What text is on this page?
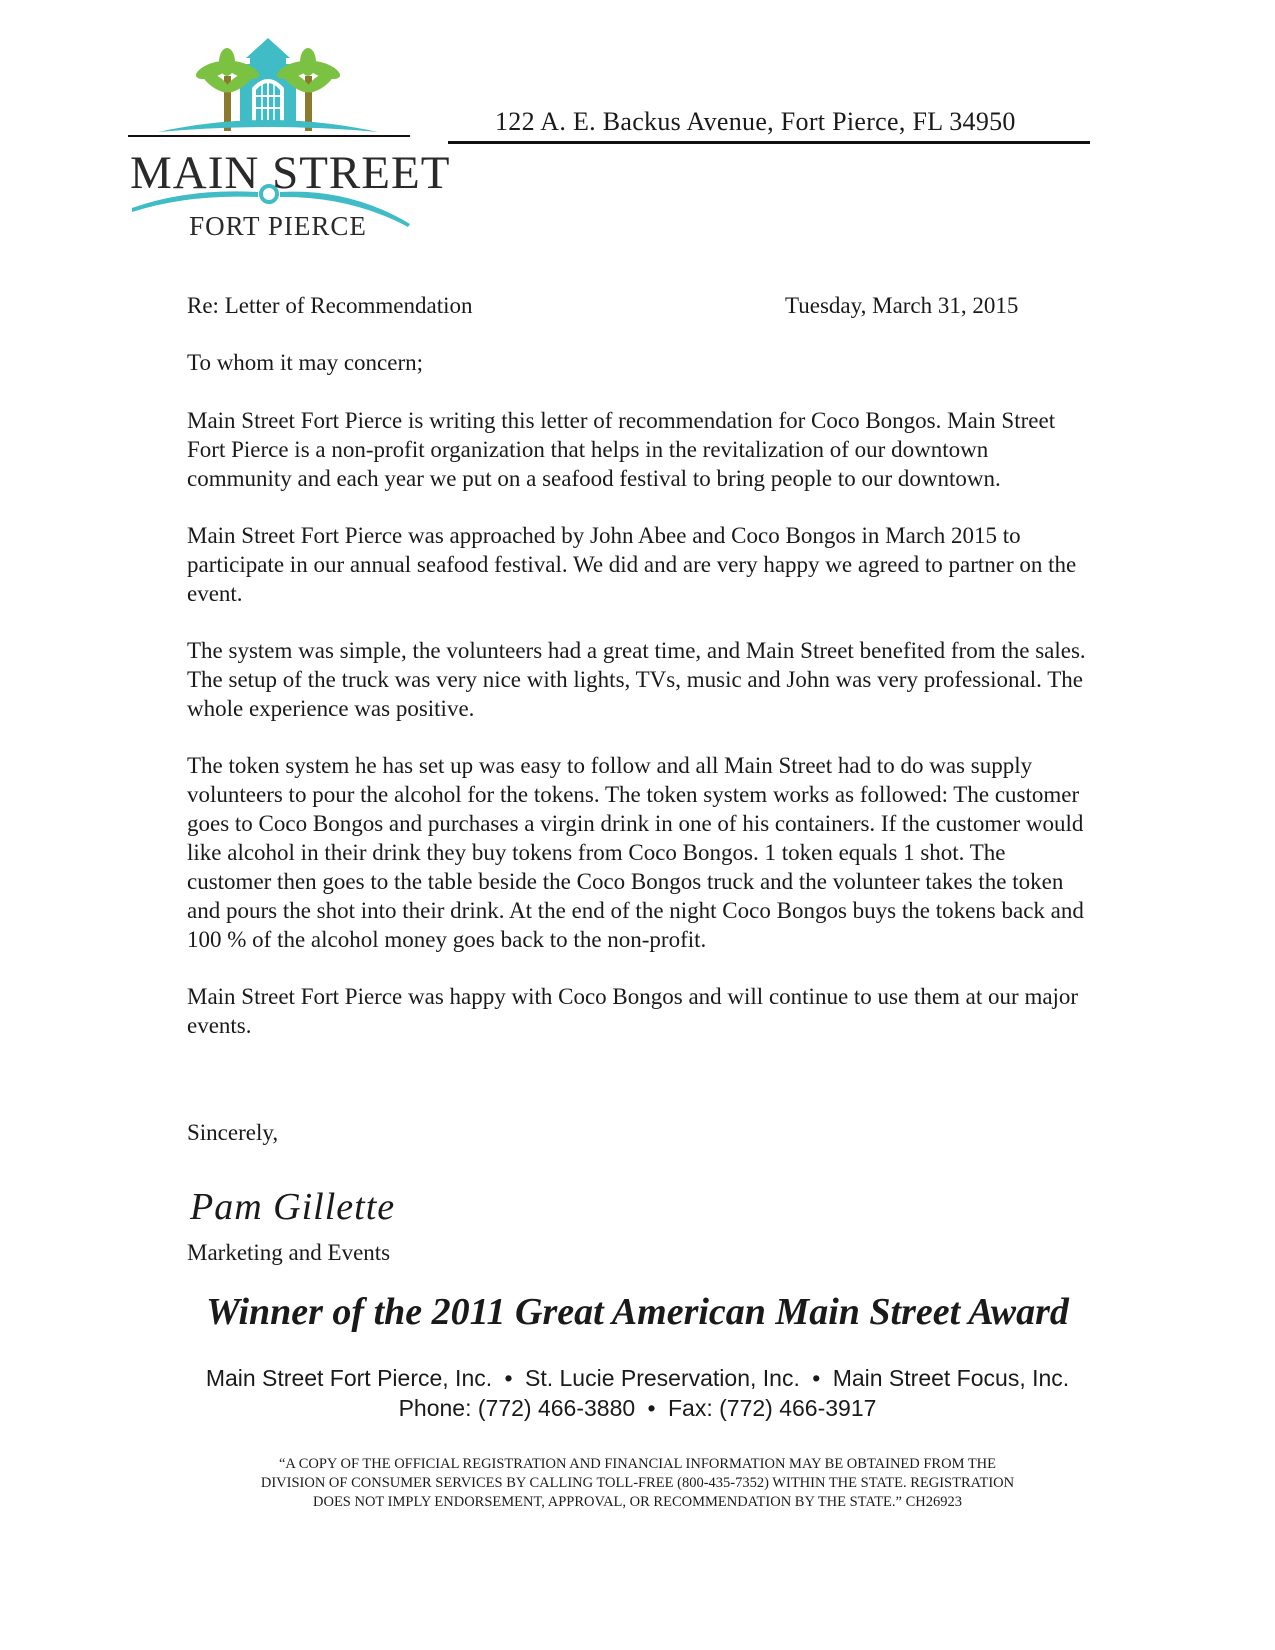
MAIN STREET
FORT PIERCE
122 A. E. Backus Avenue, Fort Pierce, FL 34950
Re: Letter of Recommendation	Tuesday, March 31, 2015
To whom it may concern;

Main Street Fort Pierce is writing this letter of recommendation for Coco Bongos. Main Street Fort Pierce is a non-profit organization that helps in the revitalization of our downtown community and each year we put on a seafood festival to bring people to our downtown.

Main Street Fort Pierce was approached by John Abee and Coco Bongos in March 2015 to participate in our annual seafood festival. We did and are very happy we agreed to partner on the event.

The system was simple, the volunteers had a great time, and Main Street benefited from the sales. The setup of the truck was very nice with lights, TVs, music and John was very professional. The whole experience was positive.

The token system he has set up was easy to follow and all Main Street had to do was supply volunteers to pour the alcohol for the tokens. The token system works as followed: The customer goes to Coco Bongos and purchases a virgin drink in one of his containers. If the customer would like alcohol in their drink they buy tokens from Coco Bongos. 1 token equals 1 shot. The customer then goes to the table beside the Coco Bongos truck and the volunteer takes the token and pours the shot into their drink. At the end of the night Coco Bongos buys the tokens back and 100 % of the alcohol money goes back to the non-profit.

Main Street Fort Pierce was happy with Coco Bongos and will continue to use them at our major events.

Sincerely,
Pam Gillette
Marketing and Events
Winner of the 2011 Great American Main Street Award
Main Street Fort Pierce, Inc. • St. Lucie Preservation, Inc. • Main Street Focus, Inc.
Phone: (772) 466-3880 • Fax: (772) 466-3917
“A COPY OF THE OFFICIAL REGISTRATION AND FINANCIAL INFORMATION MAY BE OBTAINED FROM THE
DIVISION OF CONSUMER SERVICES BY CALLING TOLL-FREE (800-435-7352) WITHIN THE STATE. REGISTRATION
DOES NOT IMPLY ENDORSEMENT, APPROVAL, OR RECOMMENDATION BY THE STATE.” CH26923
